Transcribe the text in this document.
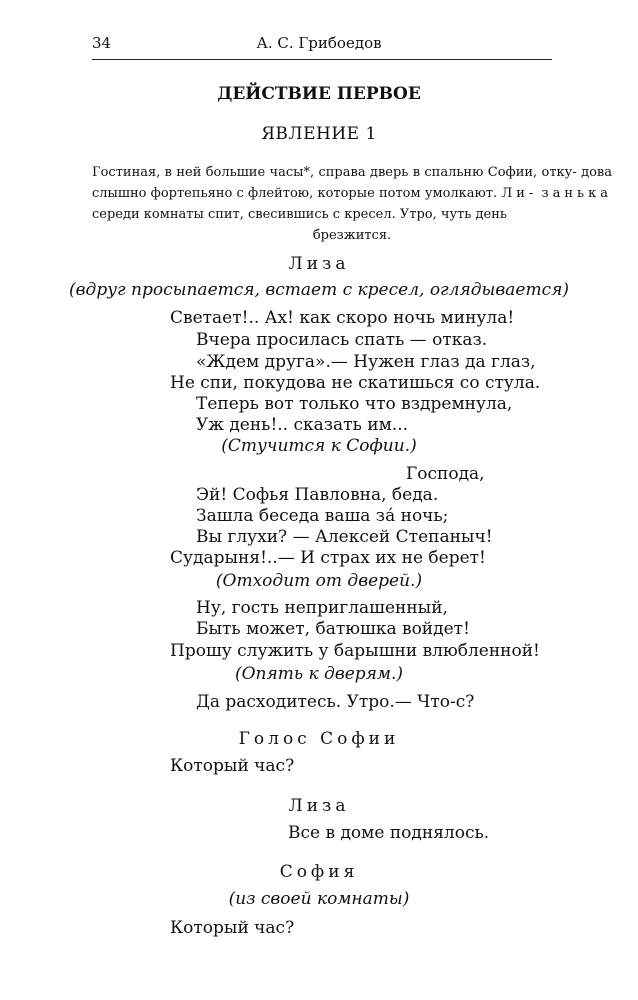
34	А. С. Грибоедов
ДЕЙСТВИЕ ПЕРВОЕ
ЯВЛЕНИЕ 1
Гостиная, в ней большие часы*, справа дверь в спальню Софии, отку- дова слышно фортепьяно с флейтою, которые потом умолкают. Ли- занька середи комнаты спит, свесившись с кресел. Утро, чуть день
брезжится.
Лиза
(вдруг просыпается, встает с кресел, оглядывается)
Светает!.. Ах! как скоро ночь минула!
Вчера просилась спать — отказ.
«Ждем друга».— Нужен глаз да глаз,
Не спи, покудова не скатишься со стула.
Теперь вот только что вздремнула,
Уж день!.. сказать им...
(Стучится к Софии.)
Господа,
Эй! Софья Павловна, беда.
Зашла беседа ваша за́ ночь;
Вы глухи? — Алексей Степаныч!
Сударыня!..— И страх их не берет!
(Отходит от дверей.)
Ну, гость неприглашенный,
Быть может, батюшка войдет!
Прошу служить у барышни влюбленной!
(Опять к дверям.)
Да расходитесь. Утро.— Что-с?
Голос Софии
Который час?
Лиза
Все в доме поднялось.
София
(из своей комнаты)
Который час?
